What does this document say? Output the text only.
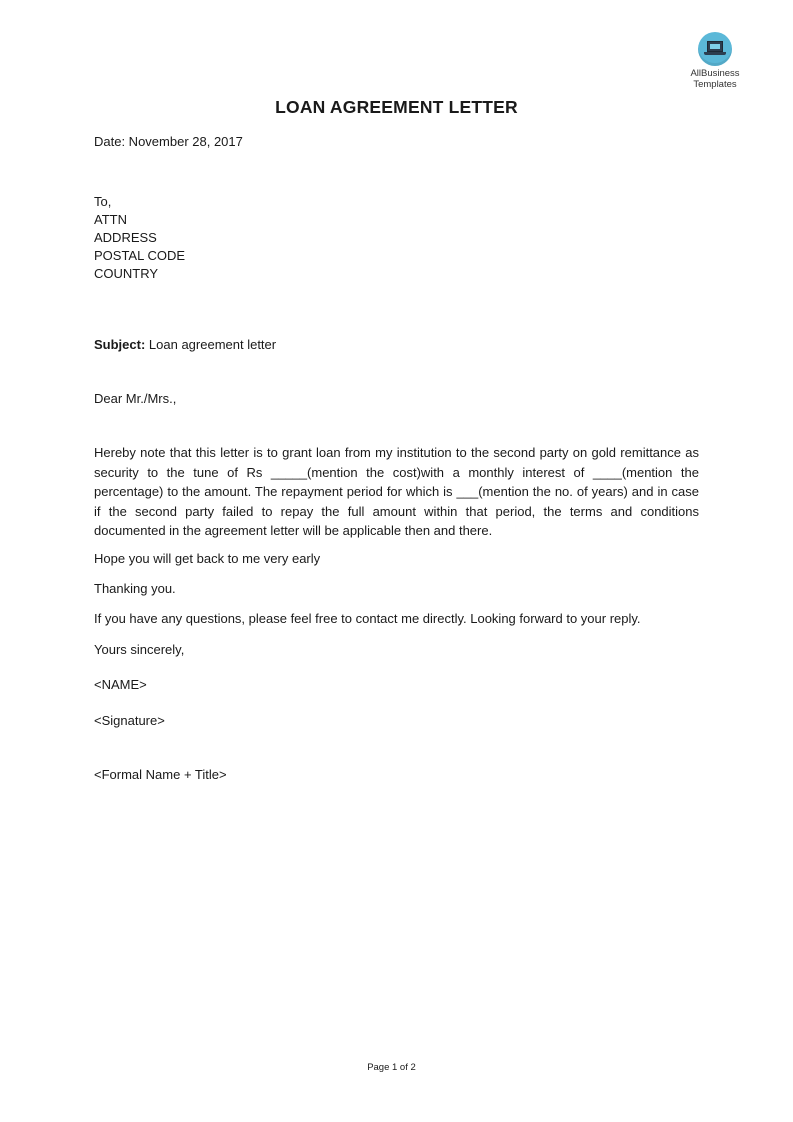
AllBusiness
Templates
LOAN AGREEMENT LETTER
Date: November 28, 2017
To,
ATTN
ADDRESS
POSTAL CODE
COUNTRY
Subject: Loan agreement letter
Dear Mr./Mrs.,
Hereby note that this letter is to grant loan from my institution to the second party on gold remittance as security to the tune of Rs _____(mention the cost)with a monthly interest of ____(mention the percentage) to the amount. The repayment period for which is ___(mention the no. of years) and in case if the second party failed to repay the full amount within that period, the terms and conditions documented in the agreement letter will be applicable then and there.
Hope you will get back to me very early
Thanking you.
If you have any questions, please feel free to contact me directly. Looking forward to your reply.
Yours sincerely,
<NAME>
<Signature>
<Formal Name + Title>
Page 1 of 2
